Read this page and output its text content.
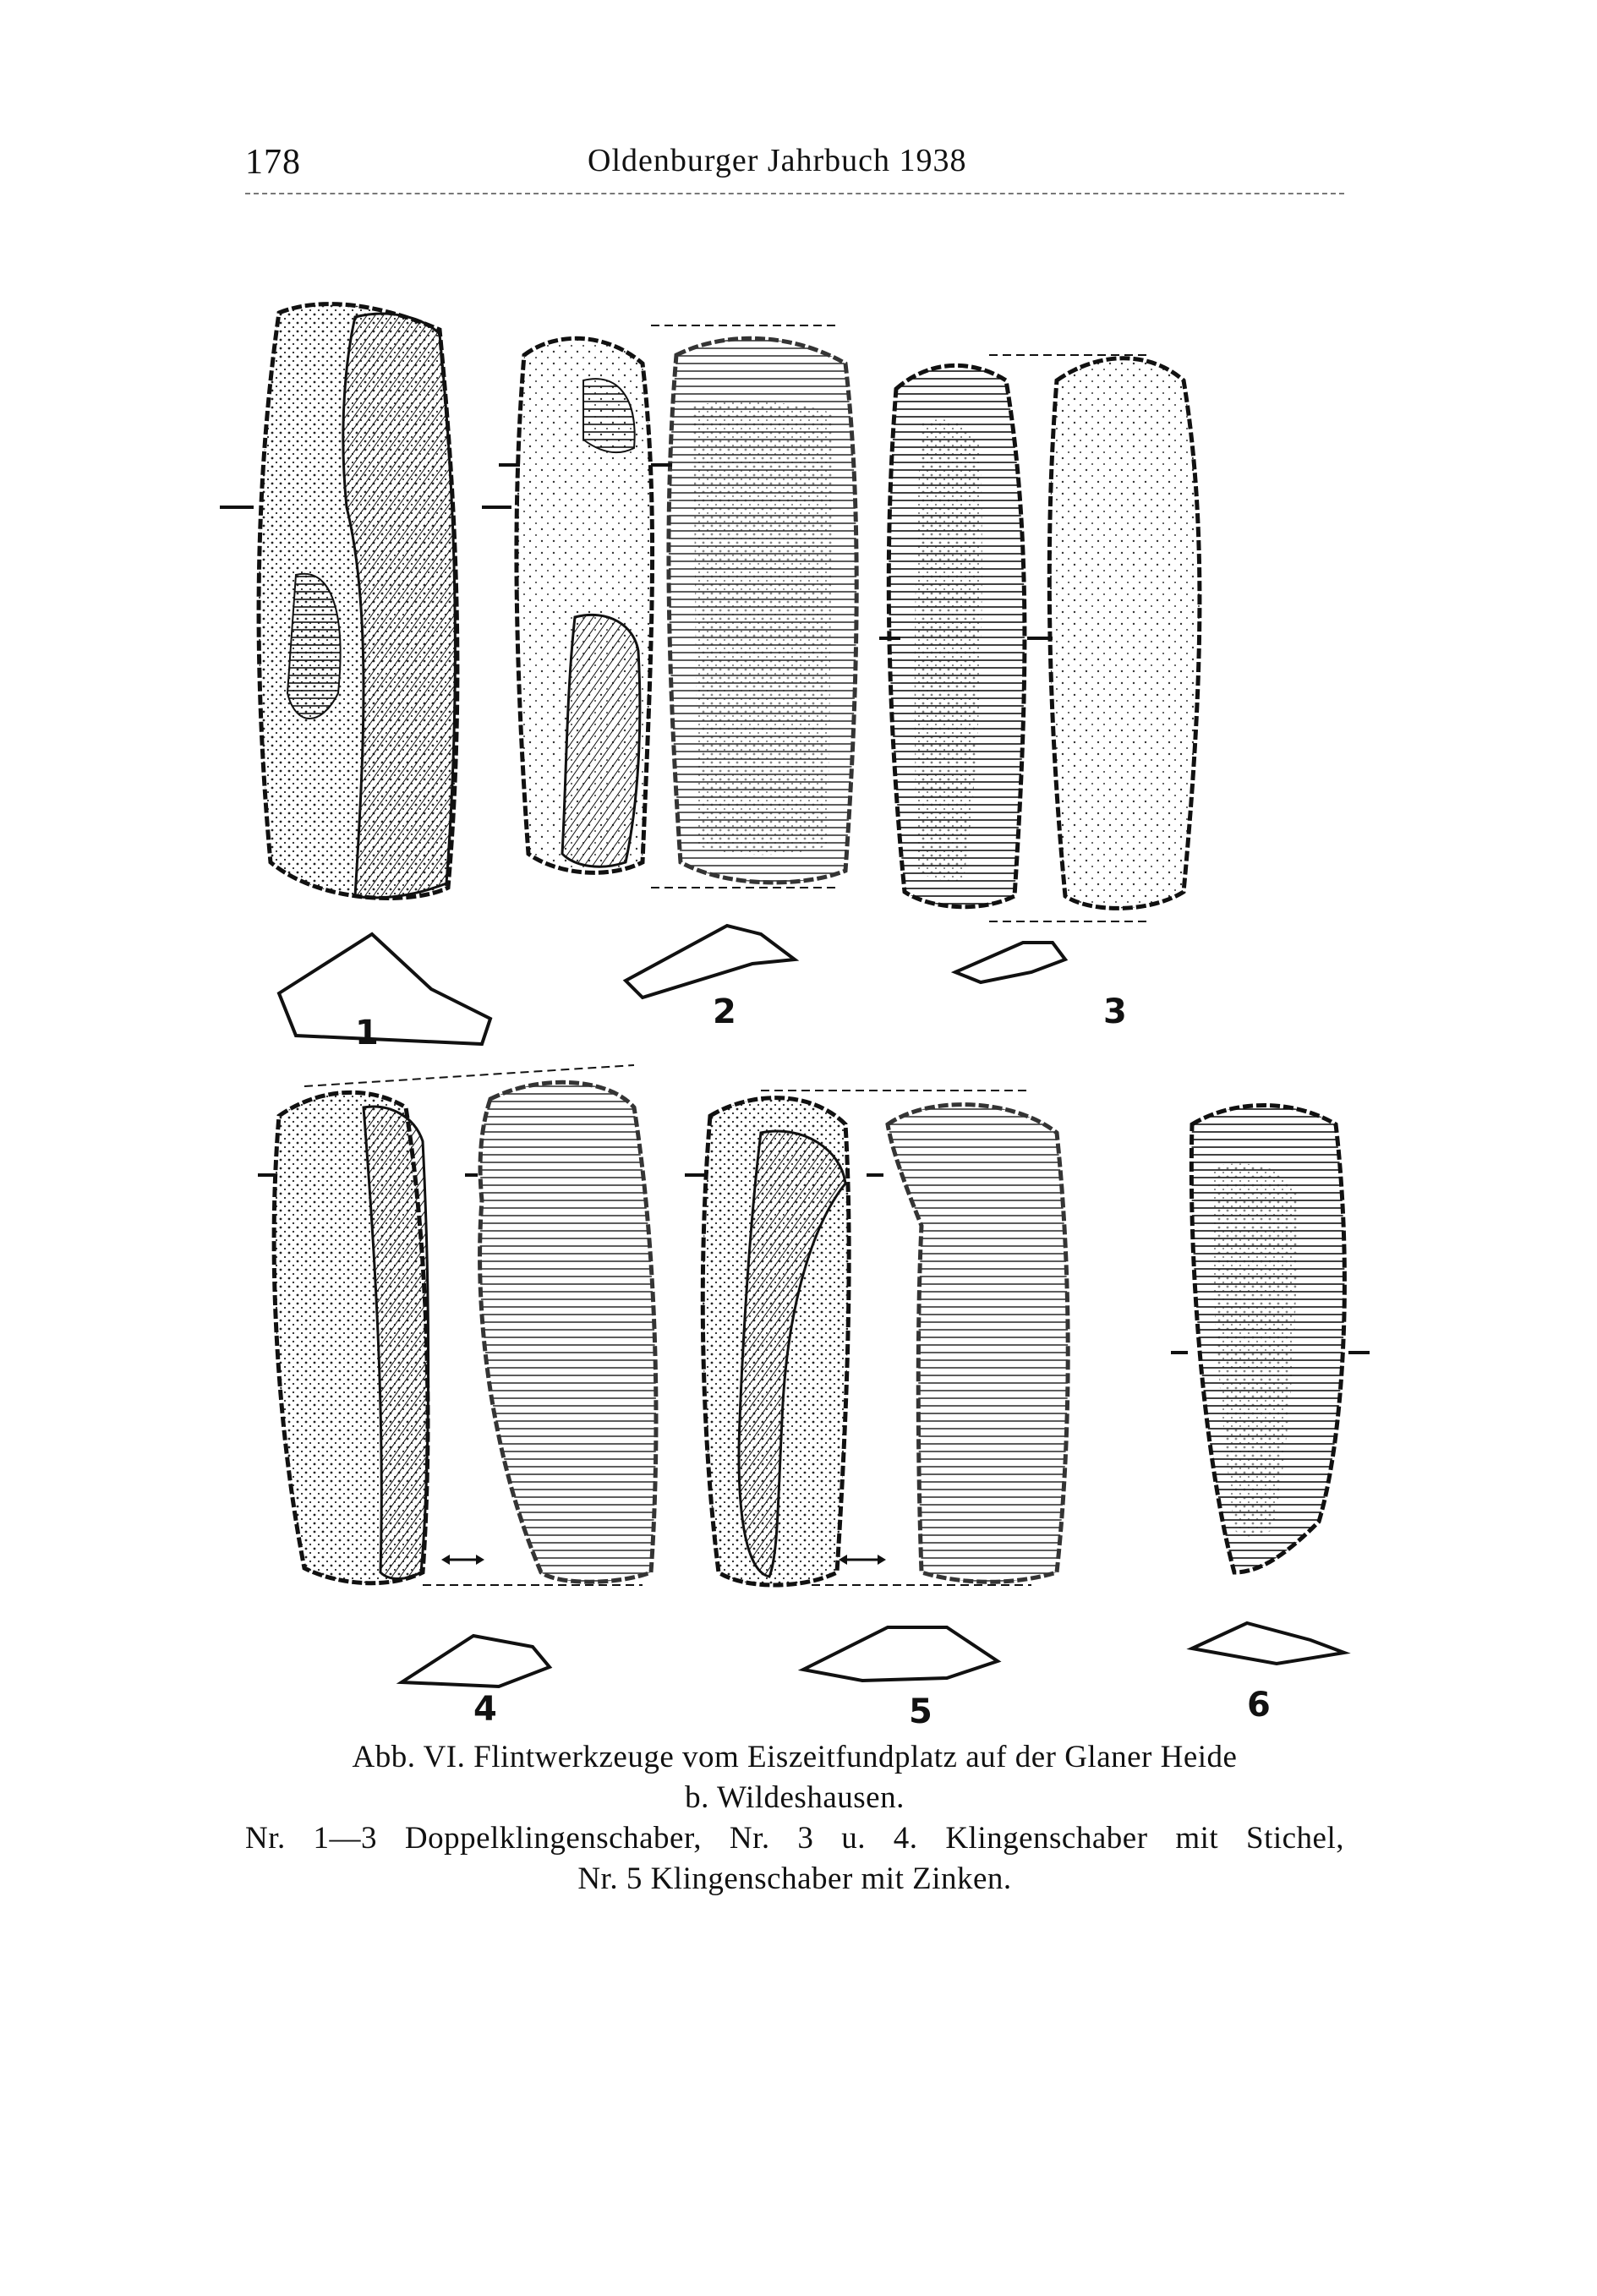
178	Oldenburger Jahrbuch 1938
1
2	3
4	5	6
Abb. VI. Flintwerkzeuge vom Eiszeitfundplatz auf der Glaner Heide
b. Wildeshausen.
Nr. 1—3 Doppelklingenschaber, Nr. 3 u. 4. Klingenschaber mit Stichel,
Nr. 5 Klingenschaber mit Zinken.
